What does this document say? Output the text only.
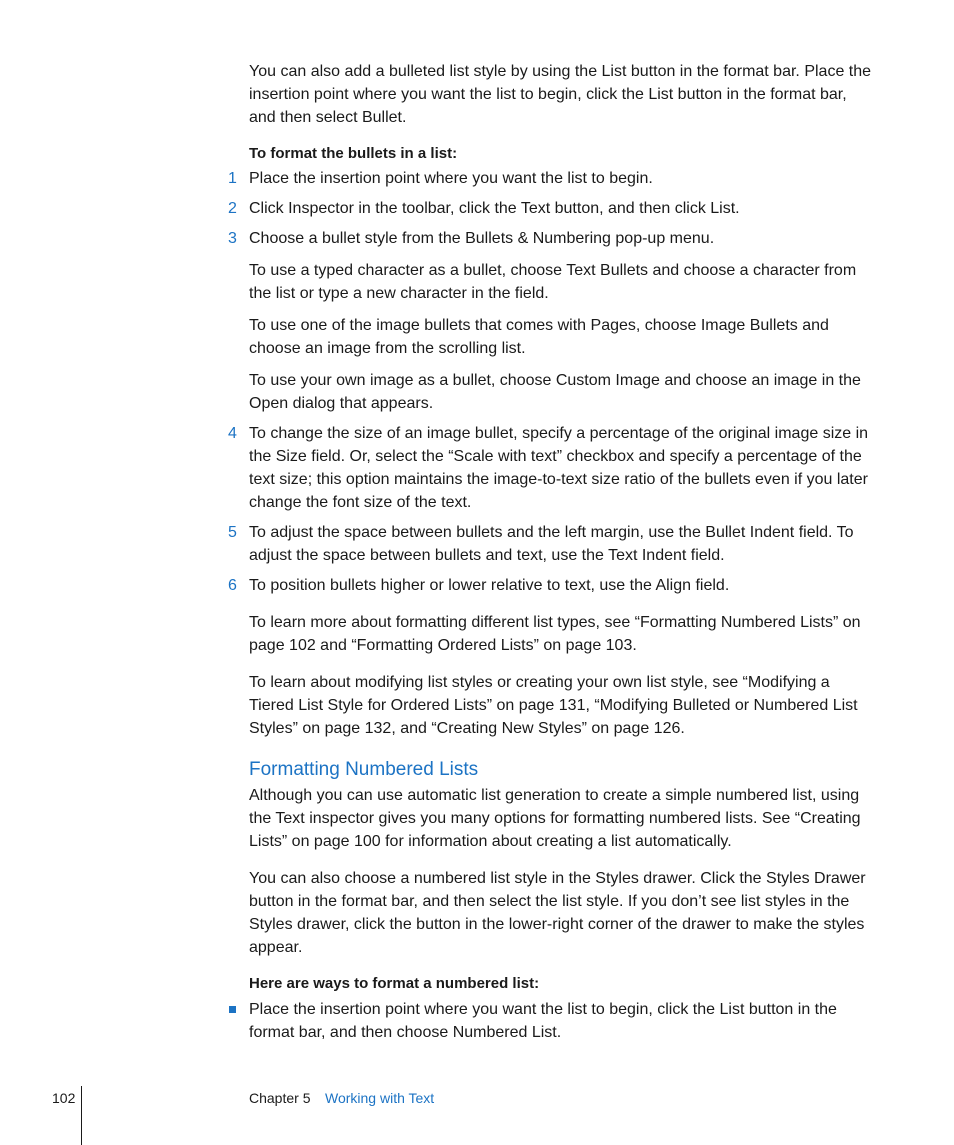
You can also add a bulleted list style by using the List button in the format bar. Place the insertion point where you want the list to begin, click the List button in the format bar, and then select Bullet.

To format the bullets in a list:

1 Place the insertion point where you want the list to begin.

2 Click Inspector in the toolbar, click the Text button, and then click List.

3 Choose a bullet style from the Bullets & Numbering pop-up menu.

To use a typed character as a bullet, choose Text Bullets and choose a character from the list or type a new character in the field.

To use one of the image bullets that comes with Pages, choose Image Bullets and choose an image from the scrolling list.

To use your own image as a bullet, choose Custom Image and choose an image in the Open dialog that appears.

4 To change the size of an image bullet, specify a percentage of the original image size in the Size field. Or, select the “Scale with text” checkbox and specify a percentage of the text size; this option maintains the image-to-text size ratio of the bullets even if you later change the font size of the text.

5 To adjust the space between bullets and the left margin, use the Bullet Indent field. To adjust the space between bullets and text, use the Text Indent field.

6 To position bullets higher or lower relative to text, use the Align field.

To learn more about formatting different list types, see “Formatting Numbered Lists” on page 102 and “Formatting Ordered Lists” on page 103.

To learn about modifying list styles or creating your own list style, see “Modifying a Tiered List Style for Ordered Lists” on page 131, “Modifying Bulleted or Numbered List Styles” on page 132, and “Creating New Styles” on page 126.

Formatting Numbered Lists

Although you can use automatic list generation to create a simple numbered list, using the Text inspector gives you many options for formatting numbered lists. See “Creating Lists” on page 100 for information about creating a list automatically.

You can also choose a numbered list style in the Styles drawer. Click the Styles Drawer button in the format bar, and then select the list style. If you don’t see list styles in the Styles drawer, click the button in the lower-right corner of the drawer to make the styles appear.

Here are ways to format a numbered list:

Place the insertion point where you want the list to begin, click the List button in the format bar, and then choose Numbered List.

102	Chapter 5 Working with Text
